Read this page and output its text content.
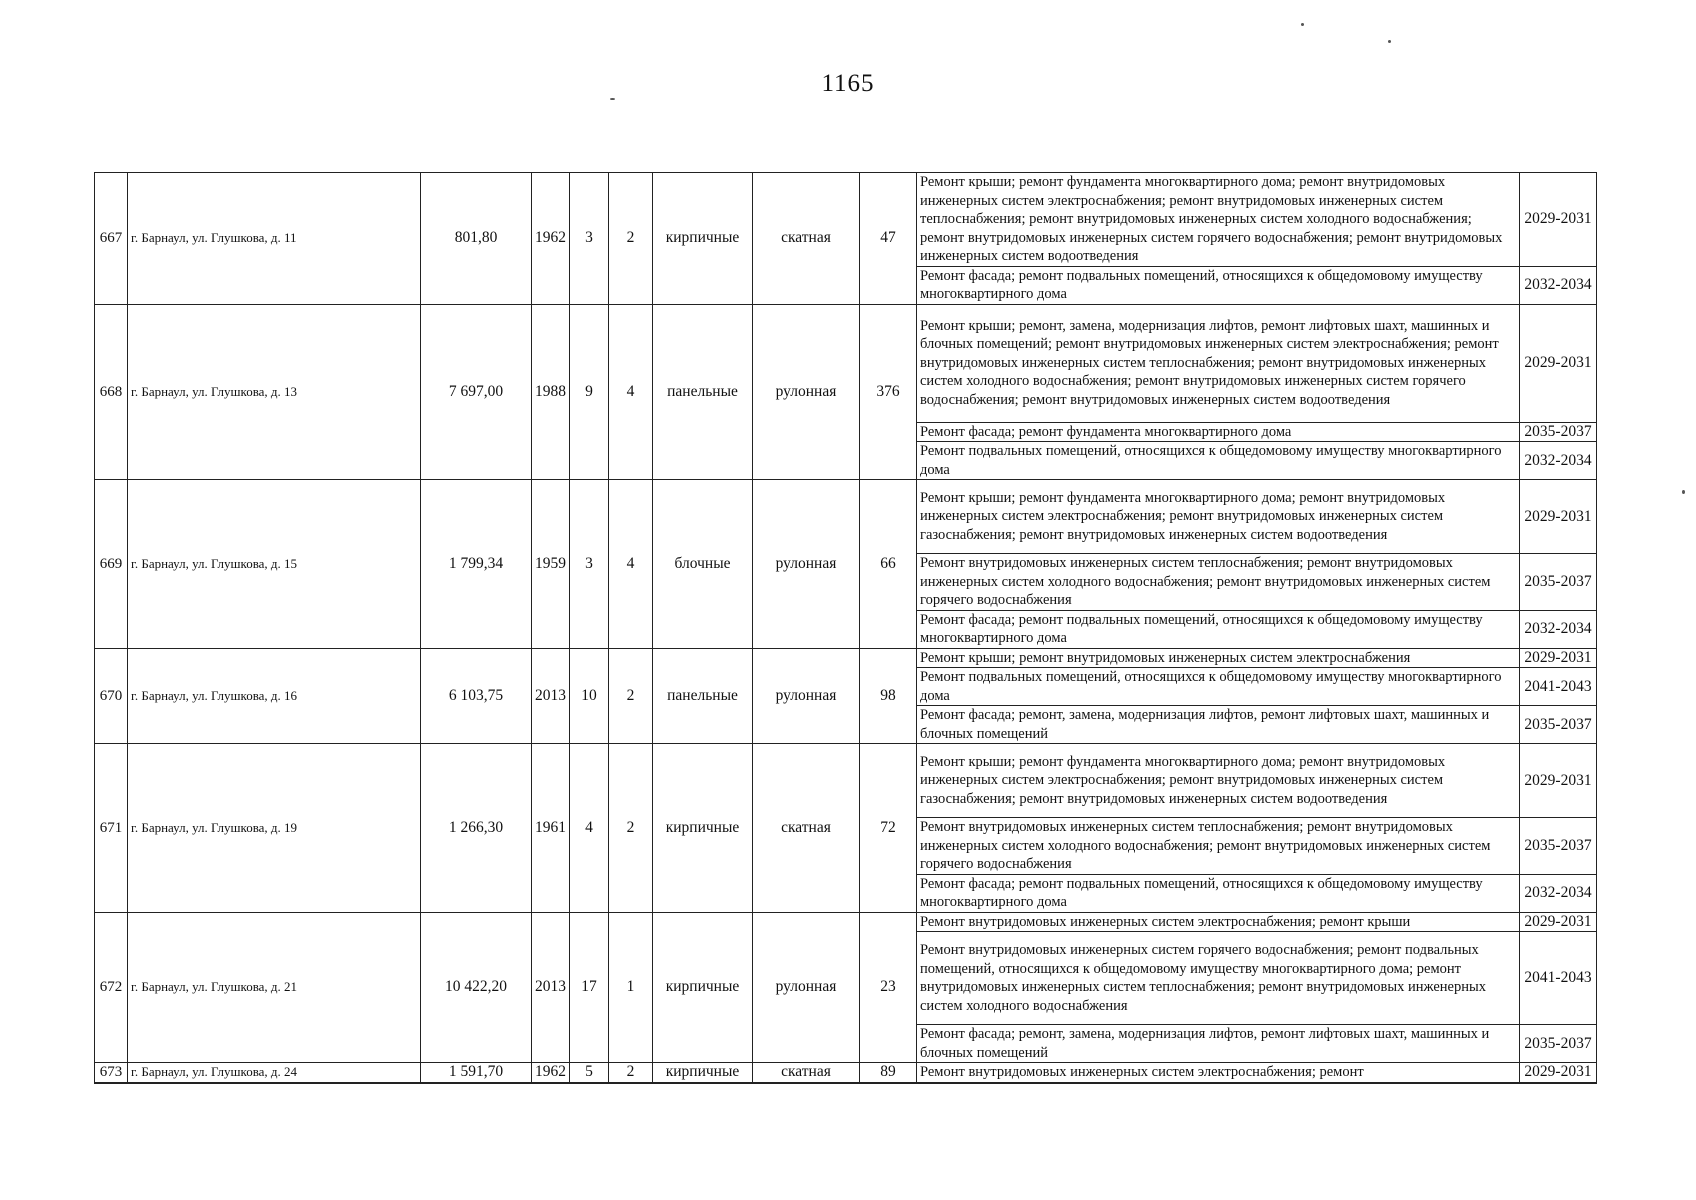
1165
667	г. Барнаул, ул. Глушкова, д. 11	801,80	1962	3	2	кирпичные	скатная	47	Ремонт крыши; ремонт фундамента многоквартирного дома; ремонт внутридомовых инженерных систем электроснабжения; ремонт внутридомовых инженерных систем теплоснабжения; ремонт внутридомовых инженерных систем холодного водоснабжения; ремонт внутридомовых инженерных систем горячего водоснабжения; ремонт внутридомовых инженерных систем водоотведения	2029-2031
									Ремонт фасада; ремонт подвальных помещений, относящихся к общедомовому имуществу многоквартирного дома	2032-2034
668	г. Барнаул, ул. Глушкова, д. 13	7 697,00	1988	9	4	панельные	рулонная	376	Ремонт крыши; ремонт, замена, модернизация лифтов, ремонт лифтовых шахт, машинных и блочных помещений; ремонт внутридомовых инженерных систем электроснабжения; ремонт внутридомовых инженерных систем теплоснабжения; ремонт внутридомовых инженерных систем холодного водоснабжения; ремонт внутридомовых инженерных систем горячего водоснабжения; ремонт внутридомовых инженерных систем водоотведения	2029-2031
									Ремонт фасада; ремонт фундамента многоквартирного дома	2035-2037
									Ремонт подвальных помещений, относящихся к общедомовому имуществу многоквартирного дома	2032-2034
669	г. Барнаул, ул. Глушкова, д. 15	1 799,34	1959	3	4	блочные	рулонная	66	Ремонт крыши; ремонт фундамента многоквартирного дома; ремонт внутридомовых инженерных систем электроснабжения; ремонт внутридомовых инженерных систем газоснабжения; ремонт внутридомовых инженерных систем водоотведения	2029-2031
									Ремонт внутридомовых инженерных систем теплоснабжения; ремонт внутридомовых инженерных систем холодного водоснабжения; ремонт внутридомовых инженерных систем горячего водоснабжения	2035-2037
									Ремонт фасада; ремонт подвальных помещений, относящихся к общедомовому имуществу многоквартирного дома	2032-2034
670	г. Барнаул, ул. Глушкова, д. 16	6 103,75	2013	10	2	панельные	рулонная	98	Ремонт крыши; ремонт внутридомовых инженерных систем электроснабжения	2029-2031
									Ремонт подвальных помещений, относящихся к общедомовому имуществу многоквартирного дома	2041-2043
									Ремонт фасада; ремонт, замена, модернизация лифтов, ремонт лифтовых шахт, машинных и блочных помещений	2035-2037
671	г. Барнаул, ул. Глушкова, д. 19	1 266,30	1961	4	2	кирпичные	скатная	72	Ремонт крыши; ремонт фундамента многоквартирного дома; ремонт внутридомовых инженерных систем электроснабжения; ремонт внутридомовых инженерных систем газоснабжения; ремонт внутридомовых инженерных систем водоотведения	2029-2031
									Ремонт внутридомовых инженерных систем теплоснабжения; ремонт внутридомовых инженерных систем холодного водоснабжения; ремонт внутридомовых инженерных систем горячего водоснабжения	2035-2037
									Ремонт фасада; ремонт подвальных помещений, относящихся к общедомовому имуществу многоквартирного дома	2032-2034
672	г. Барнаул, ул. Глушкова, д. 21	10 422,20	2013	17	1	кирпичные	рулонная	23	Ремонт внутридомовых инженерных систем электроснабжения; ремонт крыши	2029-2031
									Ремонт внутридомовых инженерных систем горячего водоснабжения; ремонт подвальных помещений, относящихся к общедомовому имуществу многоквартирного дома; ремонт внутридомовых инженерных систем теплоснабжения; ремонт внутридомовых инженерных систем холодного водоснабжения	2041-2043
									Ремонт фасада; ремонт, замена, модернизация лифтов, ремонт лифтовых шахт, машинных и блочных помещений	2035-2037
673	г. Барнаул, ул. Глушкова, д. 24	1 591,70	1962	5	2	кирпичные	скатная	89	Ремонт внутридомовых инженерных систем электроснабжения; ремонт	2029-2031
